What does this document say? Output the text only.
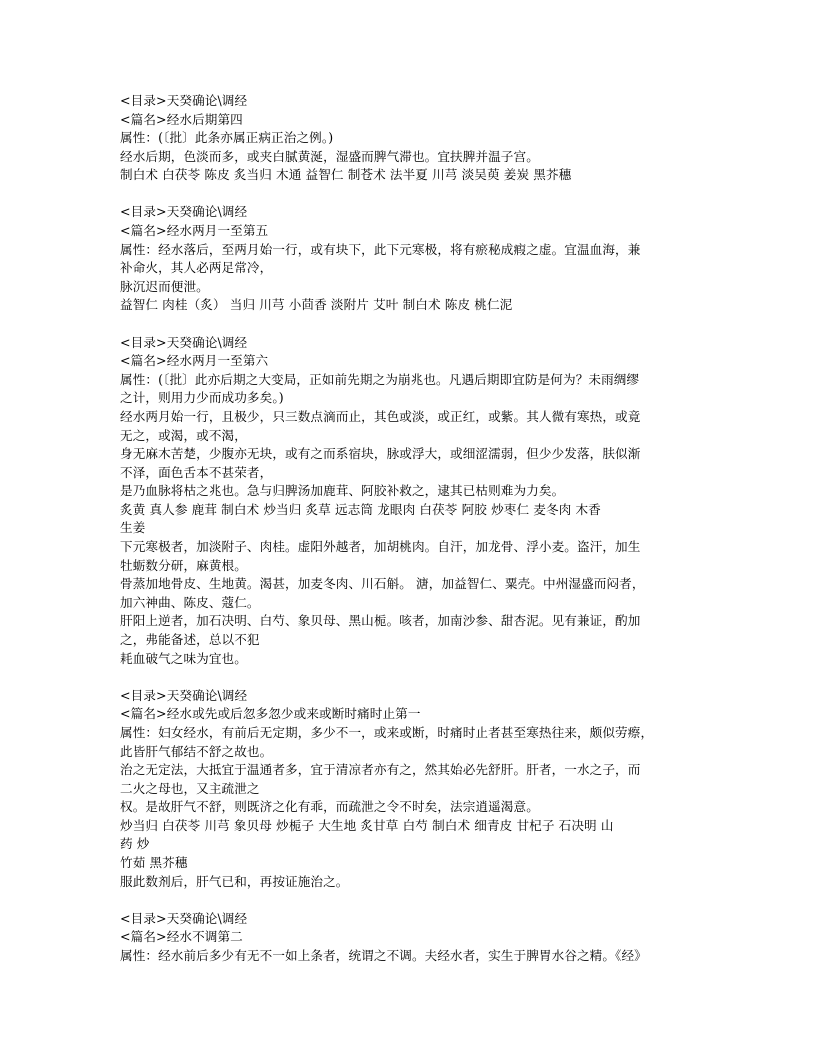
<目录>天癸确论\调经
<篇名>经水后期第四
属性：(〔批〕此条亦属正病正治之例。)
经水后期，色淡而多，或夹白腻黄涎，湿盛而脾气滞也。宜扶脾并温子宫。
制白术 白茯苓 陈皮 炙当归 木通 益智仁 制苍术 法半夏 川芎 淡吴萸 姜炭 黑芥穗
<目录>天癸确论\调经
<篇名>经水两月一至第五
属性：经水落后，至两月始一行，或有块下，此下元寒极，将有瘀秘成瘕之虚。宜温血海，兼
补命火，其人必两足常冷，
脉沉迟而便泄。
益智仁 肉桂（炙） 当归 川芎 小茴香 淡附片 艾叶 制白术 陈皮 桃仁泥
<目录>天癸确论\调经
<篇名>经水两月一至第六
属性：(〔批〕此亦后期之大变局，正如前先期之为崩兆也。凡遇后期即宜防是何为？未雨绸缪
之计，则用力少而成功多矣。)
经水两月始一行，且极少，只三数点滴而止，其色或淡，或正红，或紫。其人微有寒热，或竟
无之，或渴，或不渴，
身无麻木苦楚，少腹亦无块，或有之而系宿块，脉或浮大，或细涩濡弱，但少少发落，肤似渐
不泽，面色舌本不甚荣者，
是乃血脉将枯之兆也。急与归脾汤加鹿茸、阿胶补救之，逮其已枯则难为力矣。
炙黄 真人参 鹿茸 制白术 炒当归 炙草 远志筒 龙眼肉 白茯苓 阿胶 炒枣仁 麦冬肉 木香
生姜
下元寒极者，加淡附子、肉桂。虚阳外越者，加胡桃肉。自汗，加龙骨、浮小麦。盗汗，加生
牡蛎数分研，麻黄根。
骨蒸加地骨皮、生地黄。渴甚，加麦冬肉、川石斛。 溏，加益智仁、粟壳。中州湿盛而闷者，
加六神曲、陈皮、蔻仁。
肝阳上逆者，加石决明、白芍、象贝母、黑山栀。咳者，加南沙参、甜杏泥。见有兼证，酌加
之，弗能备述，总以不犯
耗血破气之味为宜也。
<目录>天癸确论\调经
<篇名>经水或先或后忽多忽少或来或断时痛时止第一
属性：妇女经水，有前后无定期，多少不一，或来或断，时痛时止者甚至寒热往来，颇似劳瘵，
此皆肝气郁结不舒之故也。
治之无定法，大抵宜于温通者多，宜于清凉者亦有之，然其始必先舒肝。肝者，一水之子，而
二火之母也，又主疏泄之
权。是故肝气不舒，则既济之化有乖，而疏泄之令不时矣，法宗逍遥渴意。
炒当归 白茯苓 川芎 象贝母 炒栀子 大生地 炙甘草 白芍 制白术 细青皮 甘杞子 石决明 山
药 炒
竹茹 黑芥穗
服此数剂后，肝气已和，再按证施治之。
<目录>天癸确论\调经
<篇名>经水不调第二
属性：经水前后多少有无不一如上条者，统谓之不调。夫经水者，实生于脾胃水谷之精。《经》
